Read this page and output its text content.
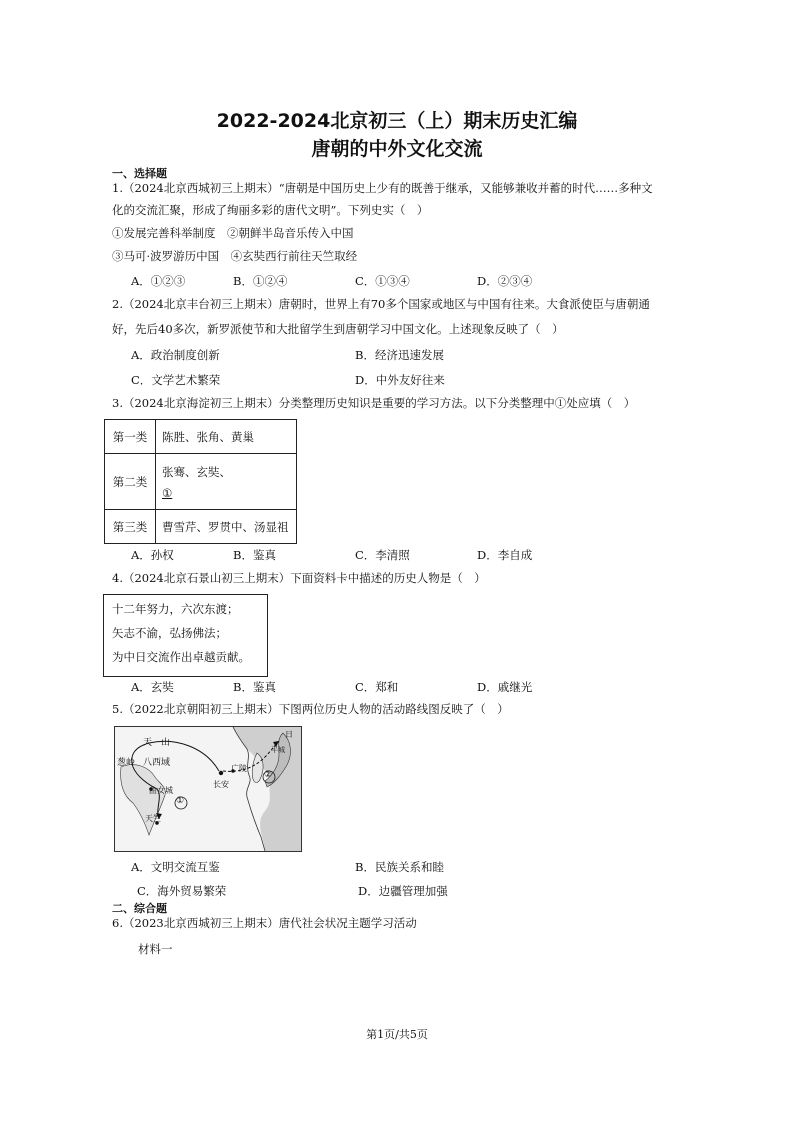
2022-2024北京初三（上）期末历史汇编
唐朝的中外文化交流
一、选择题
1.（2024北京西城初三上期末）“唐朝是中国历史上少有的既善于继承，又能够兼收并蓄的时代……多种文
化的交流汇聚，形成了绚丽多彩的唐代文明”。下列史实（　）
①发展完善科举制度　②朝鲜半岛音乐传入中国
③马可·波罗游历中国　④玄奘西行前往天竺取经
A．①②③	B．①②④	C．①③④	D．②③④
2.（2024北京丰台初三上期末）唐朝时，世界上有70多个国家或地区与中国有往来。大食派使臣与唐朝通
好，先后40多次，新罗派使节和大批留学生到唐朝学习中国文化。上述现象反映了（　）
A．政治制度创新	B．经济迅速发展
C．文学艺术繁荣	D．中外友好往来
3.（2024北京海淀初三上期末）分类整理历史知识是重要的学习方法。以下分类整理中①处应填（　）
第一类	陈胜、张角、黄巢
第二类	张骞、玄奘、
①

第三类	曹雪芹、罗贯中、汤显祖
A．孙权	B．鉴真	C．李清照	D．李自成
4.（2024北京石景山初三上期末）下面资料卡中描述的历史人物是（　）
十二年努力，六次东渡；
矢志不渝，弘扬佛法；
为中日交流作出卓越贡献。
A．玄奘	B．鉴真	C．郑和	D．戚继光
5.（2022北京朝阳初三上期末）下图两位历史人物的活动路线图反映了（　）
天　山
葱岭 八西域
长安
广陵
曲女城
天竺
日
平城
①
②
A．文明交流互鉴	B．民族关系和睦
C．海外贸易繁荣	D．边疆管理加强
二、综合题
6.（2023北京西城初三上期末）唐代社会状况主题学习活动
材料一
第1页/共5页
